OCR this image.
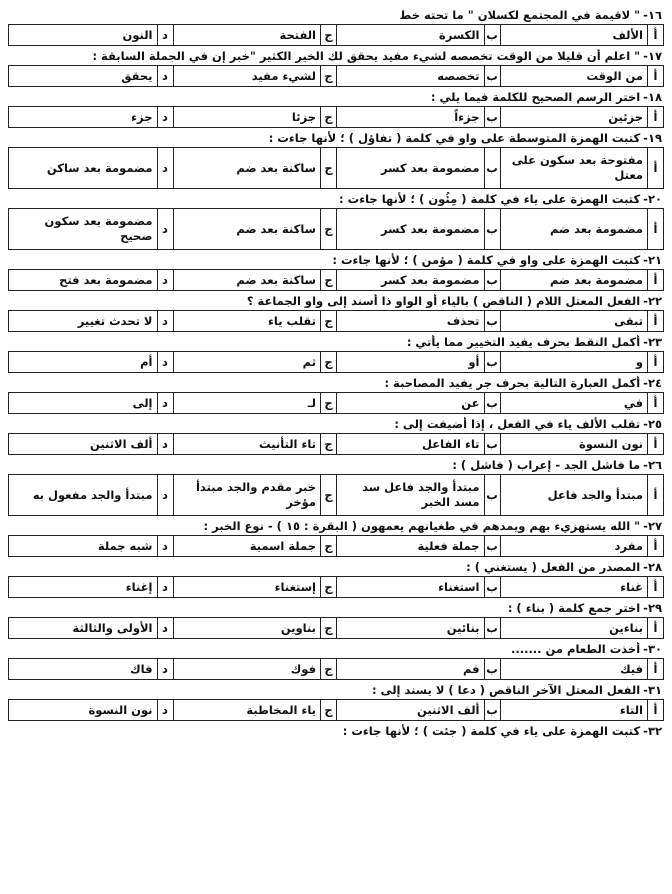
١٦-" لاقيمة في المجتمع لكسلان " ما تحته خط
أ
الألف
ب
الكسرة
ج
الفتحة
د
النون
١٧-" اعلم أن قليلا من الوقت تخصصه لشيء مفيد يحقق لك الخير الكثير "خبر إن في الجملة السابقة :
أ
من الوقت
ب
تخصصه
ج
لشيء مفيد
د
يحقق
١٨-اختر الرسم الصحيح للكلمة فيما يلي :
أ
جزئين
ب
جزءاً
ج
جزئا
د
جزء
١٩-كتبت الهمزة المتوسطة على واو في كلمة ( تفاؤل ) ؛ لأنها جاءت :
أ
مفتوحة بعد سكون على معتل
ب
مضمومة بعد كسر
ج
ساكنة بعد ضم
د
مضمومة بعد ساكن
٢٠-كتبت الهمزة على ياء في كلمة ( مِئُون ) ؛ لأنها جاءت :
أ
مضمومة بعد ضم
ب
مضمومة بعد كسر
ج
ساكنة بعد ضم
د
مضمومة بعد سكون صحيح
٢١-كتبت الهمزة على واو في كلمة ( مؤمن ) ؛ لأنها جاءت :
أ
مضمومة بعد ضم
ب
مضمومة بعد كسر
ج
ساكنة بعد ضم
د
مضمومة بعد فتح
٢٢-الفعل المعتل اللام ( الناقص ) بالياء أو الواو ذا أسند إلى واو الجماعة ؟
أ
تبقى
ب
تحذف
ج
تقلب ياء
د
لا تحدث تغيير
٢٣-أكمل النقط بحرف يفيد التخيير مما يأتي :
أ
و
ب
أو
ج
ثم
د
أم
٢٤-أكمل العبارة التالية بحرف جر يفيد المصاحبة :
أ
في
ب
عن
ج
لـ
د
إلى
٢٥-تقلب الألف ياء في الفعل ، إذا أضيفت إلى :
أ
نون النسوة
ب
تاء الفاعل
ج
تاء التأنيث
د
ألف الاثنين
٢٦-ما فاشل الجد - إعراب ( فاشل ) :
أ
مبتدأ والجد فاعل
ب
مبتدأ والجد فاعل سد مسد الخبر
ج
خبر مقدم والجد مبتدأ مؤخر
د
مبتدأ والجد مفعول به
٢٧-" الله يستهزيء بهم ويمدهم في طغيانهم يعمهون ( البقرة : ١٥ ) - نوع الخبر :
أ
مفرد
ب
جملة فعلية
ج
جملة اسمية
د
شبه جملة
٢٨-المصدر من الفعل ( يستغني ) :
أ
غناء
ب
استغناء
ج
إستغناء
د
إغناء
٢٩-اختر جمع كلمة ( بناء ) :
أ
بناءين
ب
بنائين
ج
بناوين
د
الأولى والثالثة
٣٠-أخذت الطعام من .......
أ
فيك
ب
فم
ج
فوك
د
فاك
٣١-الفعل المعتل الآخر الناقص ( دعا ) لا يسند إلى :
أ
التاء
ب
ألف الاثنين
ج
ياء المخاطبة
د
نون النسوة
٣٢-كتبت الهمزة على ياء في كلمة ( جئت ) ؛ لأنها جاءت :
